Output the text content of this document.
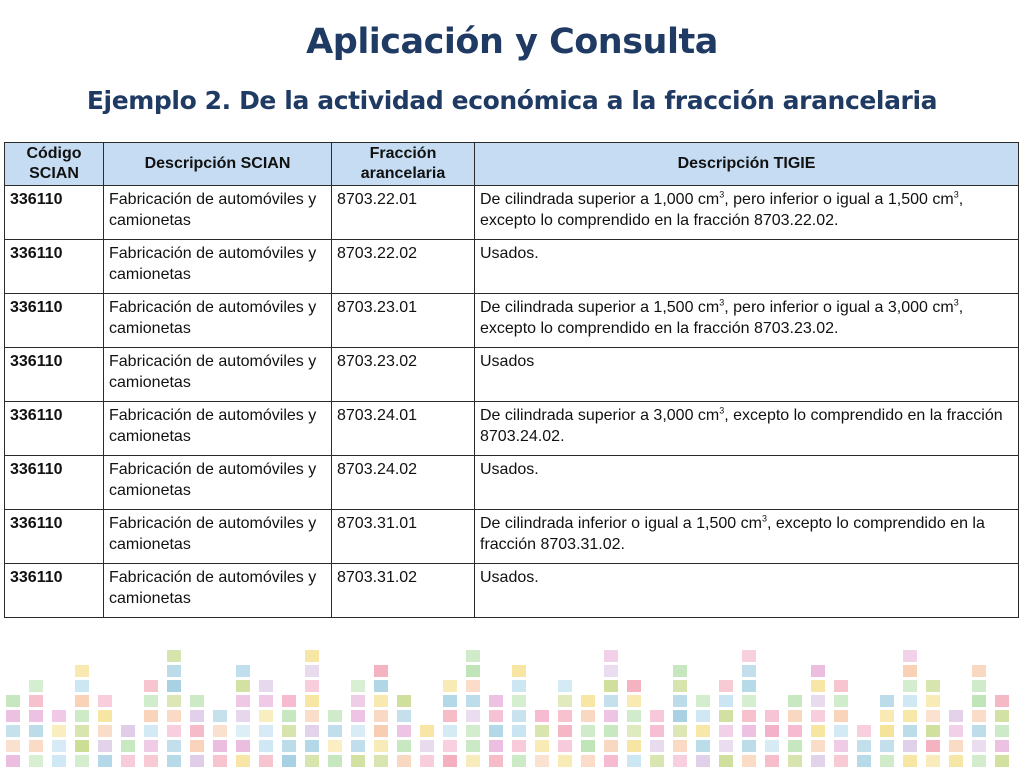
Aplicación y Consulta
Ejemplo 2. De la actividad económica a la fracción arancelaria
Código SCIAN	Descripción SCIAN	Fracción arancelaria	Descripción TIGIE
336110	Fabricación de automóviles y camionetas	8703.22.01	De cilindrada superior a 1,000 $cm^3$, pero inferior o igual a 1,500 $cm^3$, excepto lo comprendido en la fracción 8703.22.02.
336110	Fabricación de automóviles y camionetas	8703.22.02	Usados.
336110	Fabricación de automóviles y camionetas	8703.23.01	De cilindrada superior a 1,500 $cm^3$, pero inferior o igual a 3,000 $cm^3$, excepto lo comprendido en la fracción 8703.23.02.
336110	Fabricación de automóviles y camionetas	8703.23.02	Usados
336110	Fabricación de automóviles y camionetas	8703.24.01	De cilindrada superior a 3,000 $cm^3$, excepto lo comprendido en la fracción 8703.24.02.
336110	Fabricación de automóviles y camionetas	8703.24.02	Usados.
336110	Fabricación de automóviles y camionetas	8703.31.01	De cilindrada inferior o igual a 1,500 $cm^3$, excepto lo comprendido en la fracción 8703.31.02.
336110	Fabricación de automóviles y camionetas	8703.31.02	Usados.
